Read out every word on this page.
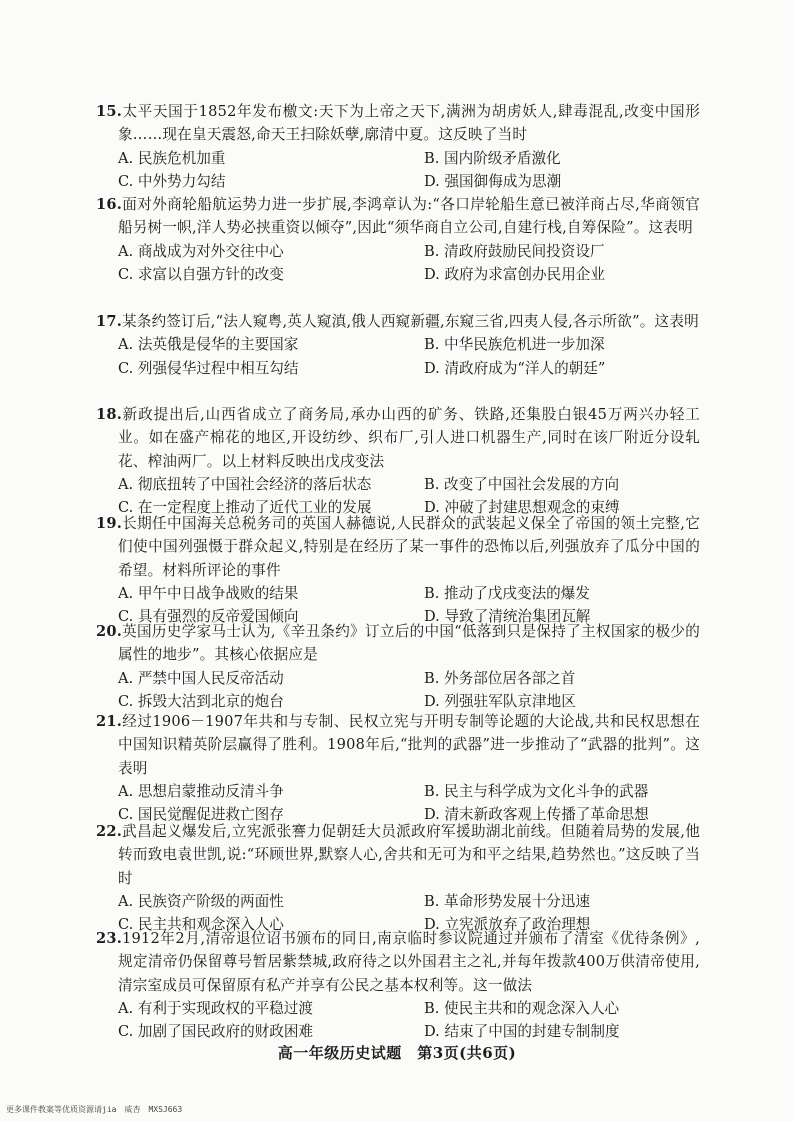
15.太平天国于1852年发布檄文:天下为上帝之天下,满洲为胡虏妖人,肆毒混乱,改变中国形象……现在皇天震怒,命天王扫除妖孽,廓清中夏。这反映了当时
A. 民族危机加重	B. 国内阶级矛盾激化
C. 中外势力勾结	D. 强国御侮成为思潮
16.面对外商轮船航运势力进一步扩展,李鸿章认为:“各口岸轮船生意已被洋商占尽,华商领官船另树一帜,洋人势必挟重资以倾夺”,因此“须华商自立公司,自建行栈,自筹保险”。这表明
A. 商战成为对外交往中心	B. 清政府鼓励民间投资设厂
C. 求富以自强方针的改变	D. 政府为求富创办民用企业
17.某条约签订后,“法人窥粤,英人窥滇,俄人西窥新疆,东窥三省,四夷人侵,各示所欲”。这表明
A. 法英俄是侵华的主要国家	B. 中华民族危机进一步加深
C. 列强侵华过程中相互勾结	D. 清政府成为“洋人的朝廷”
18.新政提出后,山西省成立了商务局,承办山西的矿务、铁路,还集股白银45万两兴办轻工业。如在盛产棉花的地区,开设纺纱、织布厂,引人进口机器生产,同时在该厂附近分设轧花、榨油两厂。以上材料反映出戊戌变法
A. 彻底扭转了中国社会经济的落后状态	B. 改变了中国社会发展的方向
C. 在一定程度上推动了近代工业的发展	D. 冲破了封建思想观念的束缚
19.长期任中国海关总税务司的英国人赫德说,人民群众的武装起义保全了帝国的领土完整,它们使中国列强慑于群众起义,特别是在经历了某一事件的恐怖以后,列强放弃了瓜分中国的希望。材料所评论的事件
A. 甲午中日战争战败的结果	B. 推动了戊戌变法的爆发
C. 具有强烈的反帝爱国倾向	D. 导致了清统治集团瓦解
20.英国历史学家马士认为,《辛丑条约》订立后的中国“低落到只是保持了主权国家的极少的属性的地步”。其核心依据应是
A. 严禁中国人民反帝活动	B. 外务部位居各部之首
C. 拆毁大沽到北京的炮台	D. 列强驻军队京津地区
21.经过1906－1907年共和与专制、民权立宪与开明专制等论题的大论战,共和民权思想在中国知识精英阶层赢得了胜利。1908年后,“批判的武器”进一步推动了“武器的批判”。这表明
A. 思想启蒙推动反清斗争	B. 民主与科学成为文化斗争的武器
C. 国民觉醒促进救亡图存	D. 清末新政客观上传播了革命思想
22.武昌起义爆发后,立宪派张謇力促朝廷大员派政府军援助湖北前线。但随着局势的发展,他转而致电袁世凯,说:“环顾世界,默察人心,舍共和无可为和平之结果,趋势然也。”这反映了当时
A. 民族资产阶级的两面性	B. 革命形势发展十分迅速
C. 民主共和观念深入人心	D. 立宪派放弃了政治理想
23.1912年2月,清帝退位诏书颁布的同日,南京临时参议院通过并颁布了清室《优待条例》,规定清帝仍保留尊号暂居紫禁城,政府待之以外国君主之礼,并每年拨款400万供清帝使用,清宗室成员可保留原有私产并享有公民之基本权利等。这一做法
A. 有利于实现政权的平稳过渡	B. 使民主共和的观念深入人心
C. 加剧了国民政府的财政困难	D. 结束了中国的封建专制制度
高一年级历史试题　第3页(共6页)
更多课件教案等优质资源请jia　威杏　MXSJ663
